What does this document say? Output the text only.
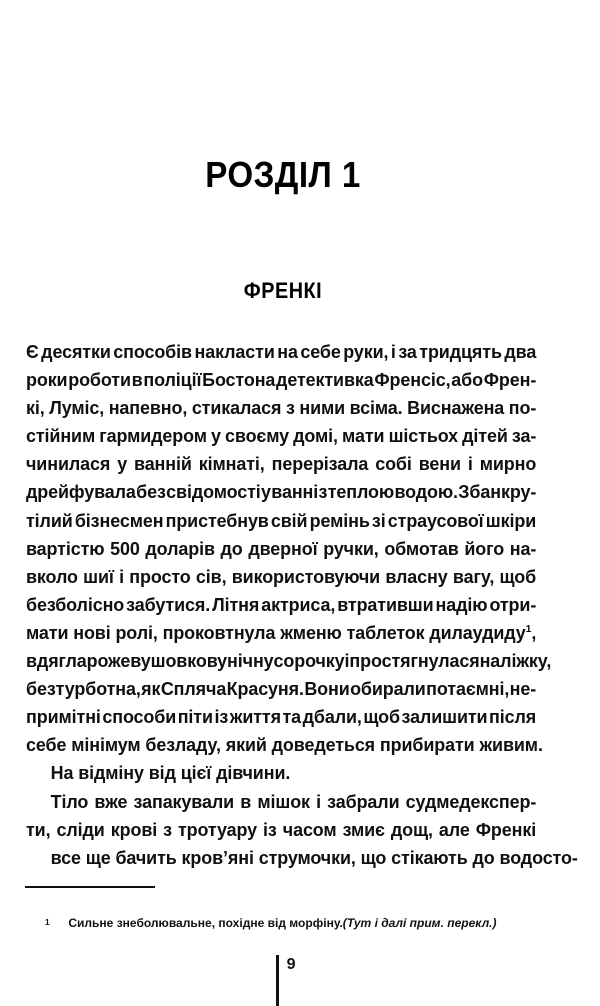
РОЗДІЛ 1
ФРЕНКІ
Є десятки способів накласти на себе руки, і за тридцять два
роки роботи в поліції Бостона детективка Френсіс, або Френ-
кі, Луміс, напевно, стикалася з ними всіма. Виснажена по-
стійним гармидером у своєму домі, мати шістьох дітей за-
чинилася у ванній кімнаті, перерізала собі вени і мирно
дрейфувала без свідомості у ванні з теплою водою. Збанкру-
тілий бізнесмен пристебнув свій ремінь зі страусової шкіри
вартістю 500 доларів до дверної ручки, обмотав його на-
вколо шиї і просто сів, використовуючи власну вагу, щоб
безболісно забутися. Літня актриса, втративши надію отри-
мати нові ролі, проковтнула жменю таблеток дилаудиду$^1$,
вдягла рожеву шовкову нічну сорочку і простягнулася на ліжку,
безтурботна, як Спляча Красуня. Вони обирали потаємні, не-
примітні способи піти із життя та дбали, щоб залишити після
себе мінімум безладу, який доведеться прибирати живим.
На відміну від цієї дівчини.
Тіло вже запакували в мішок і забрали судмедекспер-
ти, сліди крові з тротуару із часом змиє дощ, але Френкі
все ще бачить кров’яні струмочки, що стікають до водосто-

1 Сильне знеболювальне, похідне від морфіну.(Тут і далі прим. перекл.)

9
